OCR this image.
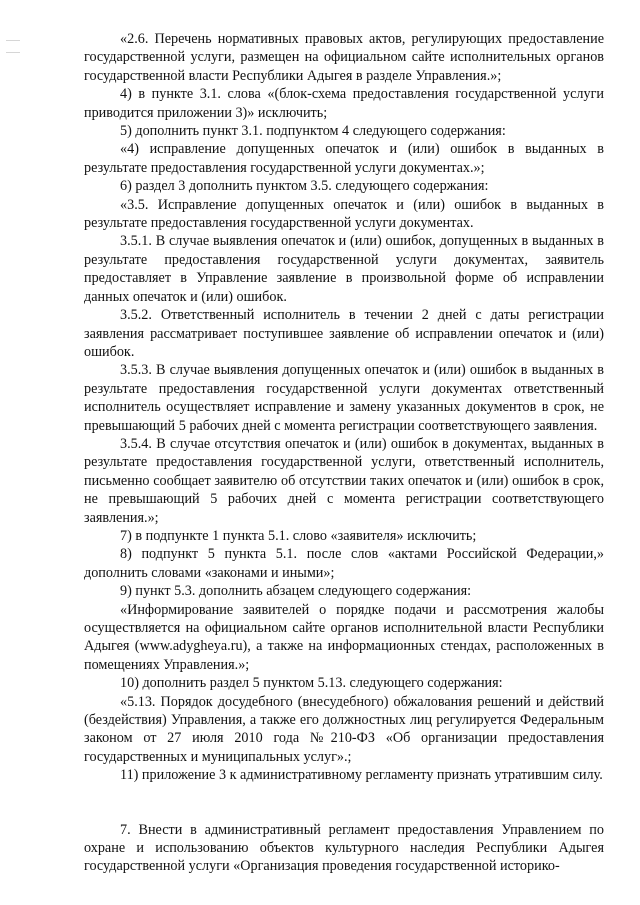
«2.6. Перечень нормативных правовых актов, регулирующих предоставление государственной услуги, размещен на официальном сайте исполнительных органов государственной власти Республики Адыгея в разделе Управления.»;

4) в пункте 3.1. слова «(блок-схема предоставления государственной услуги приводится приложении 3)» исключить;

5) дополнить пункт 3.1. подпунктом 4 следующего содержания:

«4) исправление допущенных опечаток и (или) ошибок в выданных в результате предоставления государственной услуги документах.»;

6) раздел 3 дополнить пунктом 3.5. следующего содержания:

«3.5. Исправление допущенных опечаток и (или) ошибок в выданных в результате предоставления государственной услуги документах.

3.5.1. В случае выявления опечаток и (или) ошибок, допущенных в выданных в результате предоставления государственной услуги документах, заявитель предоставляет в Управление заявление в произвольной форме об исправлении данных опечаток и (или) ошибок.

3.5.2. Ответственный исполнитель в течении 2 дней с даты регистрации заявления рассматривает поступившее заявление об исправлении опечаток и (или) ошибок.

3.5.3. В случае выявления допущенных опечаток и (или) ошибок в выданных в результате предоставления государственной услуги документах ответственный исполнитель осуществляет исправление и замену указанных документов в срок, не превышающий 5 рабочих дней с момента регистрации соответствующего заявления.

3.5.4. В случае отсутствия опечаток и (или) ошибок в документах, выданных в результате предоставления государственной услуги, ответственный исполнитель, письменно сообщает заявителю об отсутствии таких опечаток и (или) ошибок в срок, не превышающий 5 рабочих дней с момента регистрации соответствующего заявления.»;

7) в подпункте 1 пункта 5.1. слово «заявителя» исключить;

8) подпункт 5 пункта 5.1. после слов «актами Российской Федерации,» дополнить словами «законами и иными»;

9) пункт 5.3. дополнить абзацем следующего содержания:

«Информирование заявителей о порядке подачи и рассмотрения жалобы осуществляется на официальном сайте органов исполнительной власти Республики Адыгея (www.adygheya.ru), а также на информационных стендах, расположенных в помещениях Управления.»;

10) дополнить раздел 5 пунктом 5.13. следующего содержания:

«5.13. Порядок досудебного (внесудебного) обжалования решений и действий (бездействия) Управления, а также его должностных лиц регулируется Федеральным законом от 27 июля 2010 года №210-ФЗ «Об организации предоставления государственных и муниципальных услуг».;

11) приложение 3 к административному регламенту признать утратившим силу.

7. Внести в административный регламент предоставления Управлением по охране и использованию объектов культурного наследия Республики Адыгея государственной услуги «Организация проведения государственной историко-
